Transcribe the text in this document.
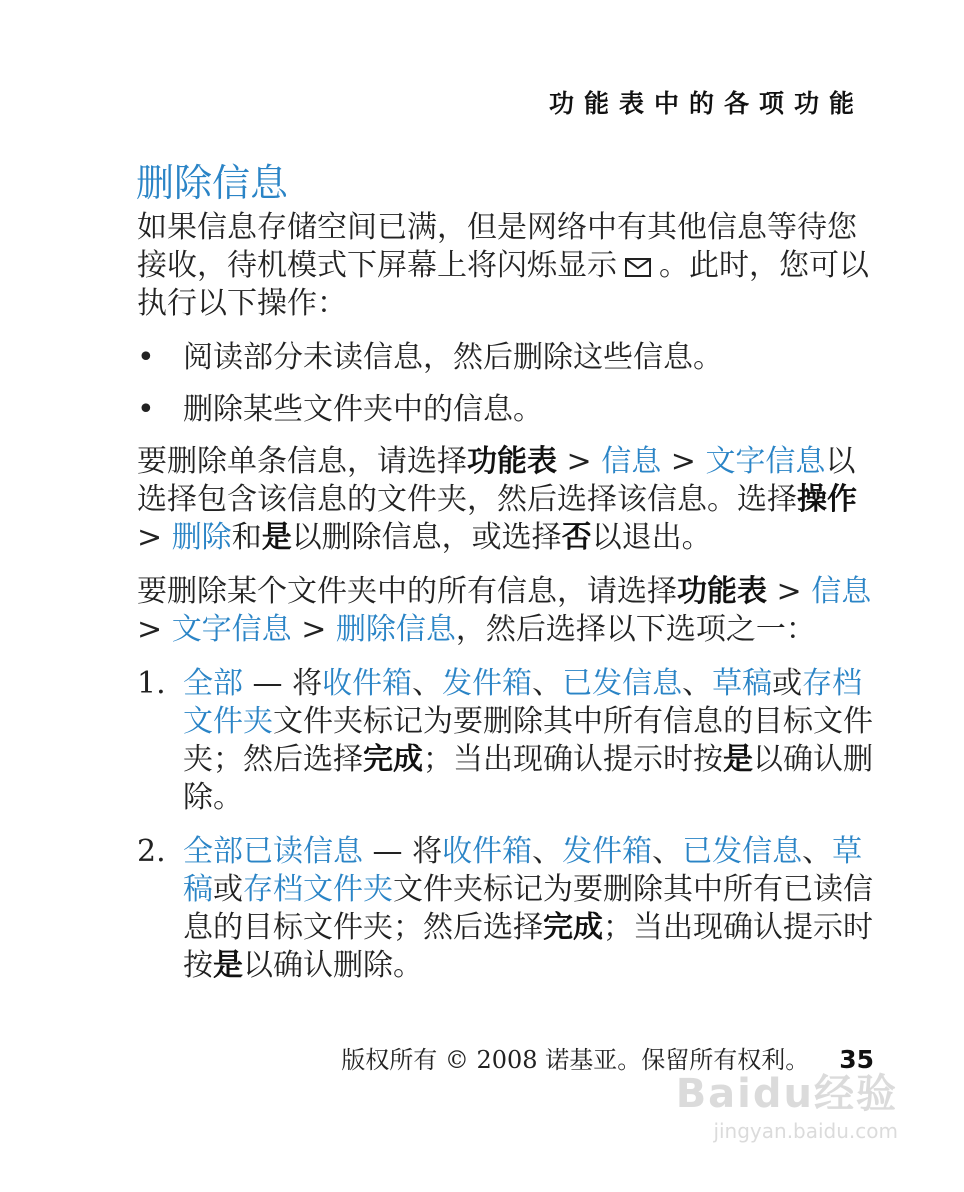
功能表中的各项功能
删除信息

如果信息存储空间已满，但是网络中有其他信息等待您接收，待机模式下屏幕上将闪烁显示 。此时，您可以执行以下操作：

• 阅读部分未读信息，然后删除这些信息。
• 删除某些文件夹中的信息。

要删除单条信息，请选择功能表 > 信息 > 文字信息以选择包含该信息的文件夹，然后选择该信息。选择操作 > 删除和是以删除信息，或选择否以退出。

要删除某个文件夹中的所有信息，请选择功能表 > 信息 > 文字信息 > 删除信息，然后选择以下选项之一：

1. 全部 — 将收件箱、发件箱、已发信息、草稿或存档文件夹文件夹标记为要删除其中所有信息的目标文件夹；然后选择完成；当出现确认提示时按是以确认删除。
2. 全部已读信息 — 将收件箱、发件箱、已发信息、草稿或存档文件夹文件夹标记为要删除其中所有已读信息的目标文件夹；然后选择完成；当出现确认提示时按是以确认删除。
版权所有 © 2008 诺基亚。保留所有权利。 35
Baidu经验
jingyan.baidu.com
